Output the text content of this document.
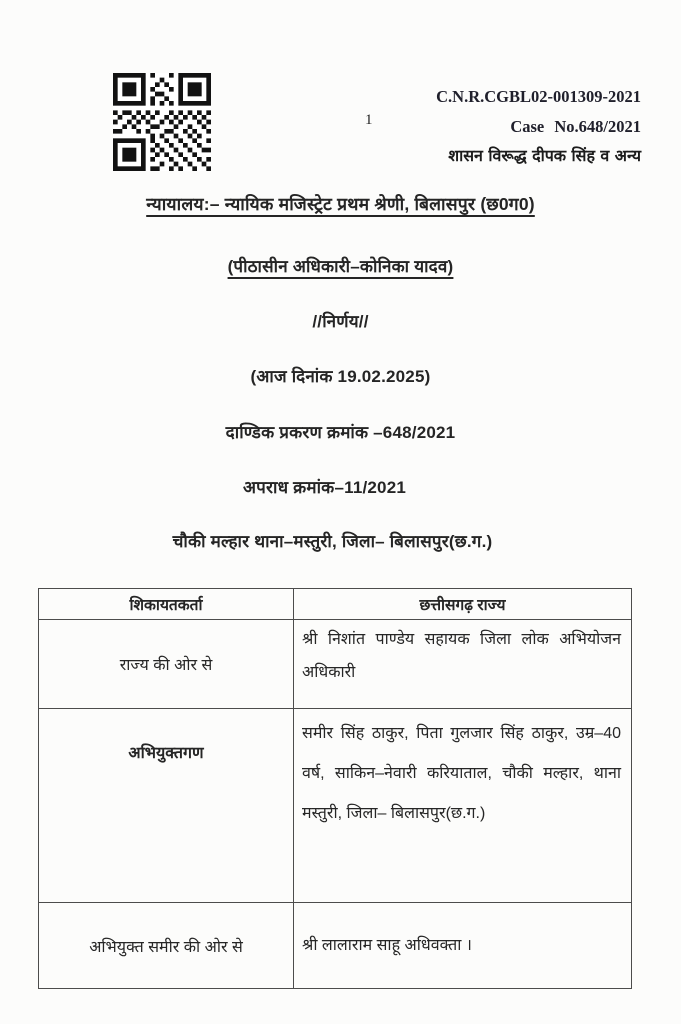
1
C.N.R.CGBL02-001309-2021
Case No.648/2021
शासन विरूद्ध दीपक सिंह व अन्य
न्यायालय:– न्यायिक मजिस्ट्रेट प्रथम श्रेणी, बिलासपुर (छ0ग0)
(पीठासीन अधिकारी–कोनिका यादव)
//निर्णय//
(आज दिनांक 19.02.2025)
दाण्डिक प्रकरण क्रमांक –648/2021
अपराध क्रमांक–11/2021
चौकी मल्हार थाना–मस्तुरी, जिला– बिलासपुर(छ.ग.)
शिकायतकर्ता	छत्तीसगढ़ राज्य
राज्य की ओर से	श्री निशांत पाण्डेय सहायक जिला लोक अभियोजन अधिकारी
अभियुक्तगण	समीर सिंह ठाकुर, पिता गुलजार सिंह ठाकुर, उम्र–40 वर्ष, साकिन–नेवारी करियाताल, चौकी मल्हार, थाना मस्तुरी, जिला– बिलासपुर(छ.ग.)
अभियुक्त समीर की ओर से	श्री लालाराम साहू अधिवक्ता ।
